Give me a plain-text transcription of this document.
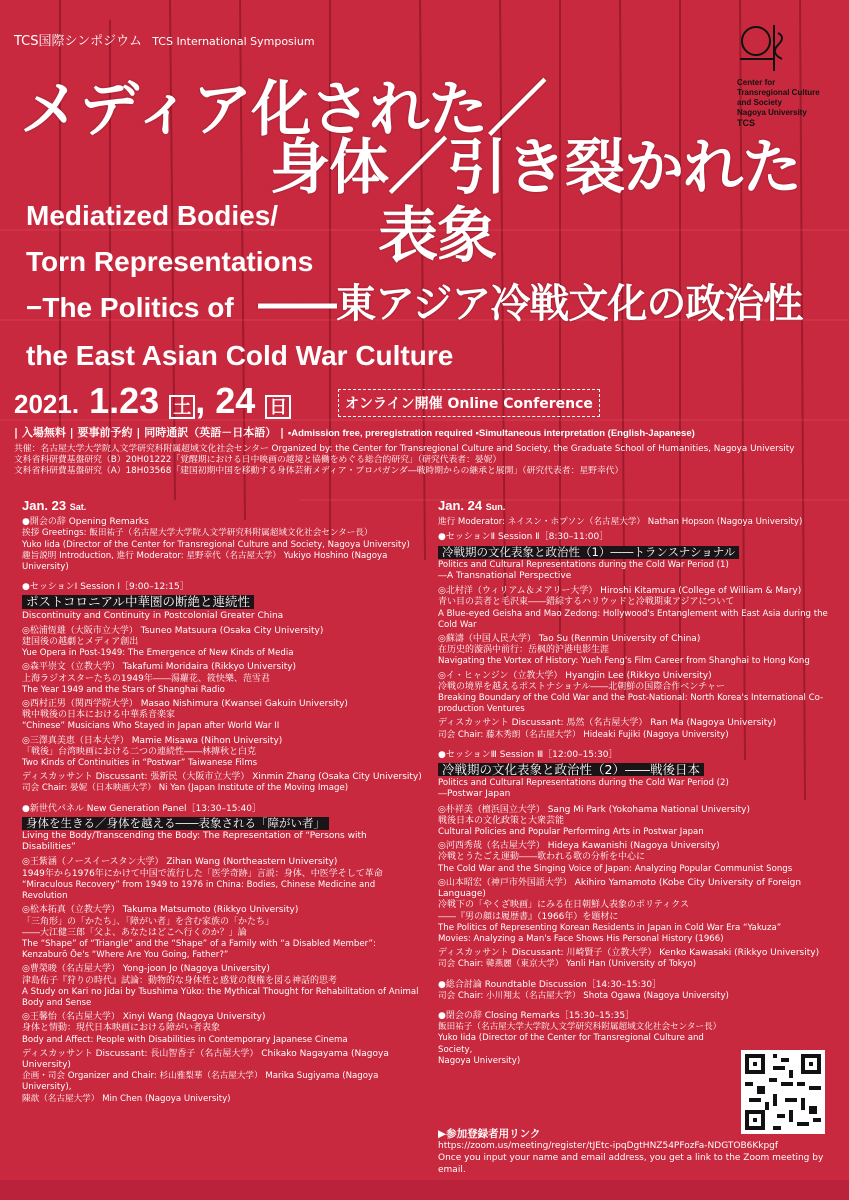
TCS国際シンポジウム TCS International Symposium
Center for
Transregional Culture
and Society
Nagoya University
TCS
メディア化された／
身体／引き裂かれた
表象
――東アジア冷戦文化の政治性
Mediatized Bodies/
Torn Representations
−The Politics of
the East Asian Cold War Culture
2021. 1.23 土 , 24 日	オンライン開催 Online Conference
| 入場無料 | 要事前予約 | 同時通訳（英語－日本語） | ▪Admission free, preregistration required ▪Simultaneous interpretation (English-Japanese)
共催：名古屋大学大学院人文学研究科附属超域文化社会センター Organized by: the Center for Transregional Culture and Society, the Graduate School of Humanities, Nagoya University
文科省科研費基盤研究（B）20H01222「覚醒期における日中映画の越境と協働をめぐる総合的研究」（研究代表者：晏妮）
文科省科研費基盤研究（A）18H03568「建国初期中国を移動する身体芸術メディア・プロパガンダ―戦時期からの継承と展開」（研究代表者：星野幸代）
Jan. 23 Sat.
●開会の辞 Opening Remarks
挨拶 Greetings: 飯田祐子（名古屋大学大学院人文学研究科附属超域文化社会センター長）
Yuko Iida (Director of the Center for Transregional Culture and Society, Nagoya University)
趣旨説明 Introduction, 進行 Moderator: 星野幸代（名古屋大学） Yukiyo Hoshino (Nagoya University)
●セッションⅠ Session Ⅰ［9:00–12:15］
ポストコロニアル中華圏の断絶と連続性
Discontinuity and Continuity in Postcolonial Greater China
◎松浦恆雄（大阪市立大学） Tsuneo Matsuura (Osaka City University)
建国後の越劇とメディア創出
Yue Opera in Post-1949: The Emergence of New Kinds of Media
◎森平崇文（立教大学） Takafumi Moridaira (Rikkyo University)
上海ラジオスターたちの1949年――湯蘿花、筱快樂、范雪君
The Year 1949 and the Stars of Shanghai Radio
◎西村正男（関西学院大学） Masao Nishimura (Kwansei Gakuin University)
戦中戦後の日本における中華系音楽家
“Chinese” Musicians Who Stayed in Japan after World War II
◎三澤真美恵（日本大学） Mamie Misawa (Nihon University)
「戦後」台湾映画における二つの連続性――林摶秋と白克
Two Kinds of Continuities in “Postwar” Taiwanese Films
ディスカッサント Discussant: 張新民（大阪市立大学） Xinmin Zhang (Osaka City University)
司会 Chair: 晏妮（日本映画大学） Ni Yan (Japan Institute of the Moving Image)
●新世代パネル New Generation Panel［13:30–15:40］
身体を生きる／身体を越える――表象される「障がい者」
Living the Body/Transcending the Body: The Representation of “Persons with Disabilities”
◎王紫涵（ノースイースタン大学） Zihan Wang (Northeastern University)
1949年から1976年にかけて中国で流行した「医学奇跡」言説：身体、中医学そして革命
“Miraculous Recovery” from 1949 to 1976 in China: Bodies, Chinese Medicine and Revolution
◎松本拓真（立教大学） Takuma Matsumoto (Rikkyo University)
「三角形」の「かたち」、「障がい者」を含む家族の「かたち」
――大江健三郎「父よ、あなたはどこへ行くのか？」論
The “Shape” of “Triangle” and the “Shape” of a Family with “a Disabled Member”:
Kenzaburō Ōe's “Where Are You Going, Father?”
◎曹榮晙（名古屋大学） Yong-joon Jo (Nagoya University)
津島佑子『狩りの時代』試論：動物的な身体性と感覚の復権を図る神話的思考
A Study on Kari no Jidai by Tsushima Yūko: the Mythical Thought for Rehabilitation of Animal Body and Sense
◎王馨怡（名古屋大学） Xinyi Wang (Nagoya University)
身体と情動：現代日本映画における障がい者表象
Body and Affect: People with Disabilities in Contemporary Japanese Cinema
ディスカッサント Discussant: 長山智香子（名古屋大学） Chikako Nagayama (Nagoya University)
企画・司会 Organizer and Chair: 杉山雅梨華（名古屋大学） Marika Sugiyama (Nagoya University),
陳歆（名古屋大学） Min Chen (Nagoya University)
Jan. 24 Sun.
進行 Moderator: ネイスン・ホプソン（名古屋大学） Nathan Hopson (Nagoya University)
●セッションⅡ Session Ⅱ［8:30–11:00］
冷戦期の文化表象と政治性（1）――トランスナショナル
Politics and Cultural Representations during the Cold War Period (1)
―A Transnational Perspective
◎北村洋（ウィリアム＆メアリー大学） Hiroshi Kitamura (College of William & Mary)
青い目の芸者と毛沢東――錯綜するハリウッドと冷戦期東アジアについて
A Blue-eyed Geisha and Mao Zedong: Hollywood's Entanglement with East Asia during the Cold War
◎蘇濤（中国人民大学） Tao Su (Renmin University of China)
在历史的漩涡中前行：岳枫的沪港电影生涯
Navigating the Vortex of History: Yueh Feng's Film Career from Shanghai to Hong Kong
◎イ・ヒャンジン（立教大学） Hyangjin Lee (Rikkyo University)
冷戦の境界を越えるポストナショナル――北朝鮮の国際合作ベンチャー
Breaking Boundary of the Cold War and the Post-National: North Korea's International Co-production Ventures
ディスカッサント Discussant: 馬然（名古屋大学） Ran Ma (Nagoya University)
司会 Chair: 藤木秀朗（名古屋大学） Hideaki Fujiki (Nagoya University)
●セッションⅢ Session Ⅲ［12:00–15:30］
冷戦期の文化表象と政治性（2）――戦後日本
Politics and Cultural Representations during the Cold War Period (2)
―Postwar Japan
◎朴祥美（檀浜国立大学） Sang Mi Park (Yokohama National University)
戦後日本の文化政策と大衆芸能
Cultural Policies and Popular Performing Arts in Postwar Japan
◎河西秀哉（名古屋大学） Hideya Kawanishi (Nagoya University)
冷戦とうたごえ運動――歌われる歌の分析を中心に
The Cold War and the Singing Voice of Japan: Analyzing Popular Communist Songs
◎山本昭宏（神戸市外国語大学） Akihiro Yamamoto (Kobe City University of Foreign Language)
冷戦下の「やくざ映画」にみる在日朝鮮人表象のポリティクス
――『男の顔は履歴書』（1966年）を題材に
The Politics of Representing Korean Residents in Japan in Cold War Era “Yakuza”
Movies: Analyzing a Man's Face Shows His Personal History (1966)
ディスカッサント Discussant: 川崎賢子（立教大学） Kenko Kawasaki (Rikkyo University)
司会 Chair: 韓燕麗（東京大学） Yanli Han (University of Tokyo)
●総合討論 Roundtable Discussion［14:30–15:30］
司会 Chair: 小川翔太（名古屋大学） Shota Ogawa (Nagoya University)
●閉会の辞 Closing Remarks［15:30–15:35］
飯田祐子（名古屋大学大学院人文学研究科附属超域文化社会センター長）
Yuko Iida (Director of the Center for Transregional Culture and Society,
Nagoya University)
▶参加登録者用リンク
https://zoom.us/meeting/register/tJEtc-ipqDgtHNZ54PFozFa-NDGTOB6Kkpgf
Once you input your name and email address, you get a link to the Zoom meeting by email.
